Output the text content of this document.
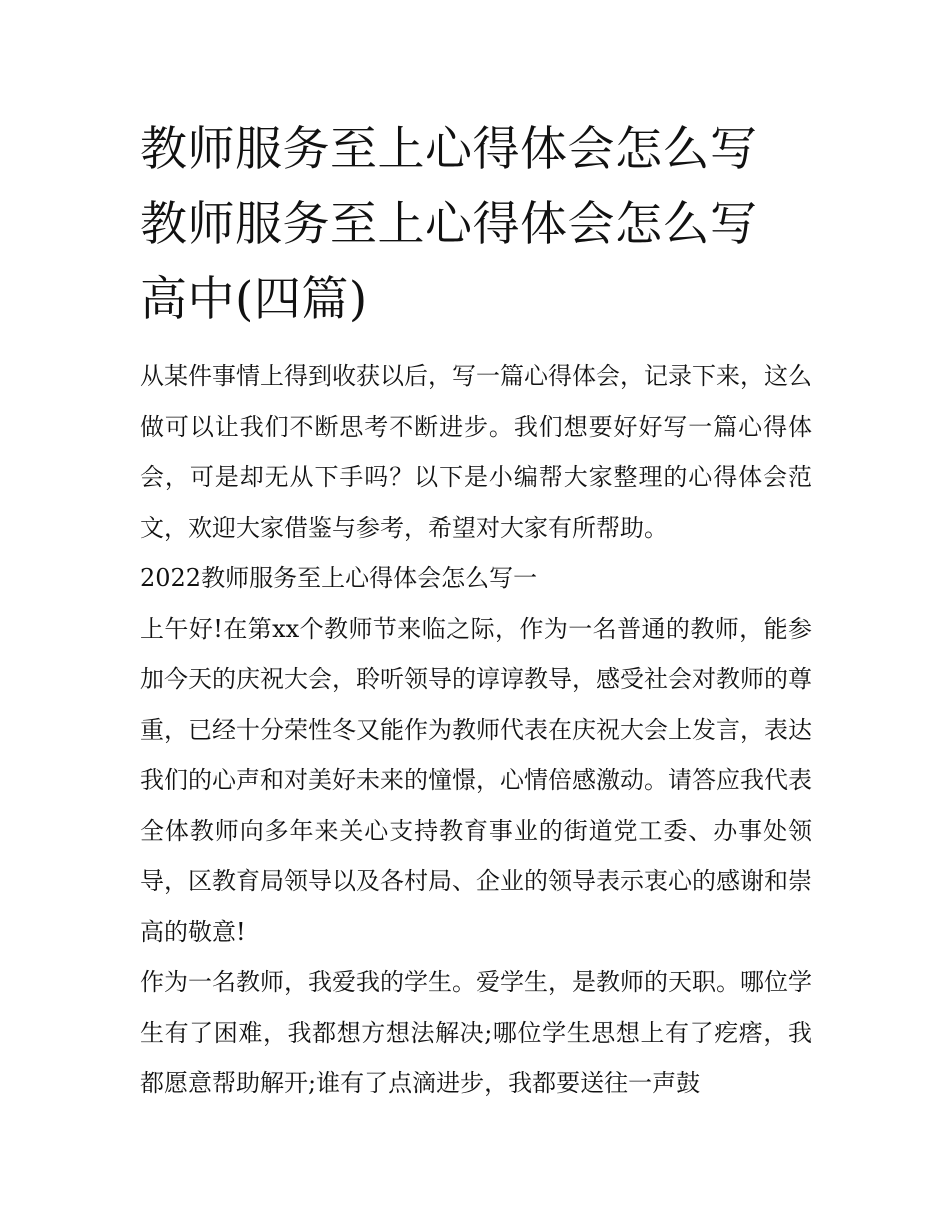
教师服务至上心得体会怎么写
教师服务至上心得体会怎么写
高中(四篇)

从某件事情上得到收获以后，写一篇心得体会，记录下来，这么做可以让我们不断思考不断进步。我们想要好好写一篇心得体会，可是却无从下手吗？以下是小编帮大家整理的心得体会范文，欢迎大家借鉴与参考，希望对大家有所帮助。

2022教师服务至上心得体会怎么写一

上午好!在第xx个教师节来临之际，作为一名普通的教师，能参加今天的庆祝大会，聆听领导的谆谆教导，感受社会对教师的尊重，已经十分荣性冬又能作为教师代表在庆祝大会上发言，表达我们的心声和对美好未来的憧憬，心情倍感激动。请答应我代表全体教师向多年来关心支持教育事业的街道党工委、办事处领导，区教育局领导以及各村局、企业的领导表示衷心的感谢和崇高的敬意!

作为一名教师，我爱我的学生。爱学生，是教师的天职。哪位学生有了困难，我都想方想法解决;哪位学生思想上有了疙瘩，我都愿意帮助解开;谁有了点滴进步，我都要送往一声鼓
